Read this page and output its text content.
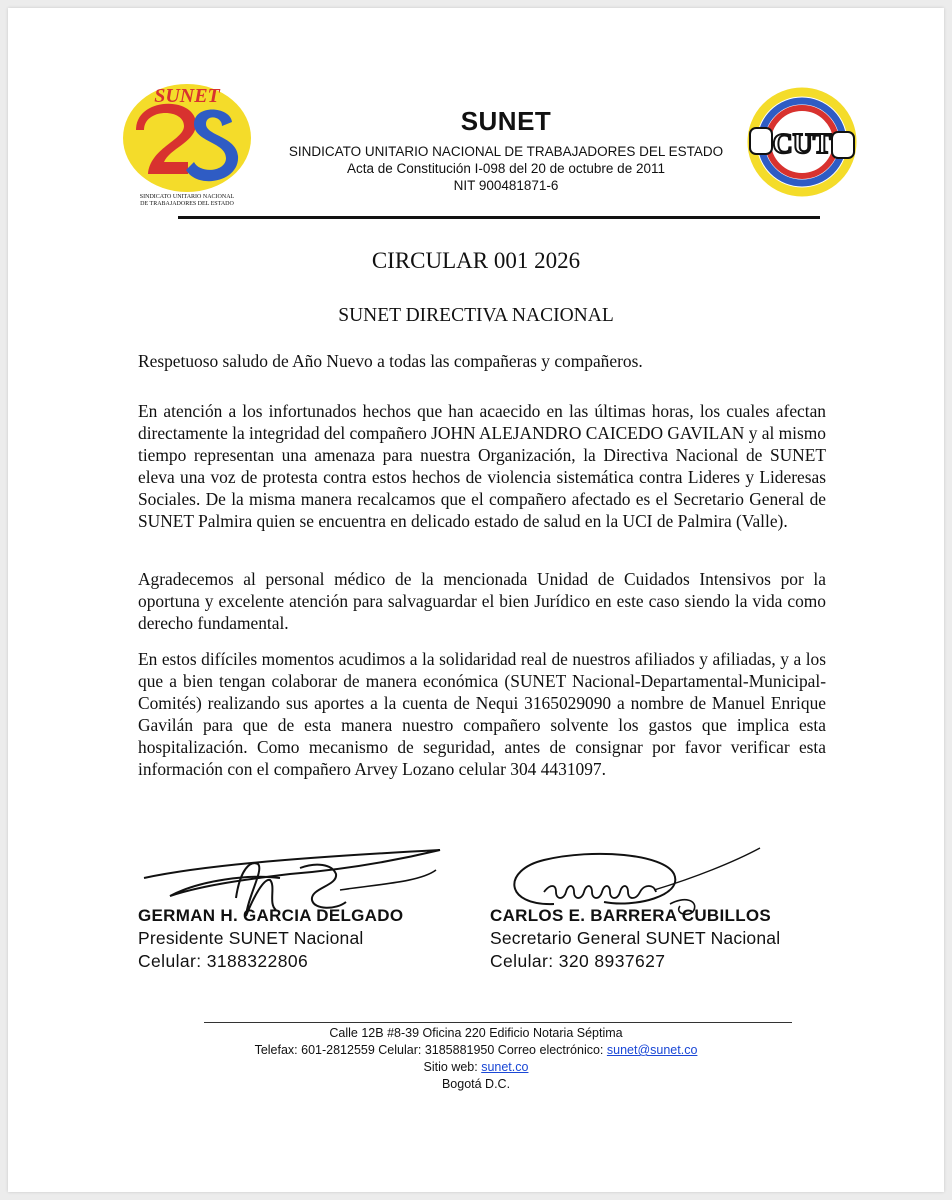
SUNET
SINDICATO UNITARIO NACIONAL
DE TRABAJADORES DEL ESTADO
SUNET
SINDICATO UNITARIO NACIONAL DE TRABAJADORES DEL ESTADO
Acta de Constitución I-098 del 20 de octubre de 2011
NIT 900481871-6
CUT
CIRCULAR 001 2026
SUNET DIRECTIVA NACIONAL

Respetuoso saludo de Año Nuevo a todas las compañeras y compañeros.

En atención a los infortunados hechos que han acaecido en las últimas horas, los cuales afectan directamente la integridad del compañero JOHN ALEJANDRO CAICEDO GAVILAN y al mismo tiempo representan una amenaza para nuestra Organización, la Directiva Nacional de SUNET eleva una voz de protesta contra estos hechos de violencia sistemática contra Lideres y Lideresas Sociales. De la misma manera recalcamos que el compañero afectado es el Secretario General de SUNET Palmira quien se encuentra en delicado estado de salud en la UCI de Palmira (Valle).

Agradecemos al personal médico de la mencionada Unidad de Cuidados Intensivos por la oportuna y excelente atención para salvaguardar el bien Jurídico en este caso siendo la vida como derecho fundamental.

En estos difíciles momentos acudimos a la solidaridad real de nuestros afiliados y afiliadas, y a los que a bien tengan colaborar de manera económica (SUNET Nacional-Departamental-Municipal-Comités) realizando sus aportes a la cuenta de Nequi 3165029090 a nombre de Manuel Enrique Gavilán para que de esta manera nuestro compañero solvente los gastos que implica esta hospitalización. Como mecanismo de seguridad, antes de consignar por favor verificar esta información con el compañero Arvey Lozano celular 304 4431097.

GERMAN H. GARCIA DELGADO
Presidente SUNET Nacional
Celular: 3188322806
CARLOS E. BARRERA CUBILLOS
Secretario General SUNET Nacional
Celular: 320 8937627
Calle 12B #8-39 Oficina 220 Edificio Notaria Séptima
Telefax: 601-2812559 Celular: 3185881950 Correo electrónico: sunet@sunet.co
Sitio web: sunet.co
Bogotá D.C.
